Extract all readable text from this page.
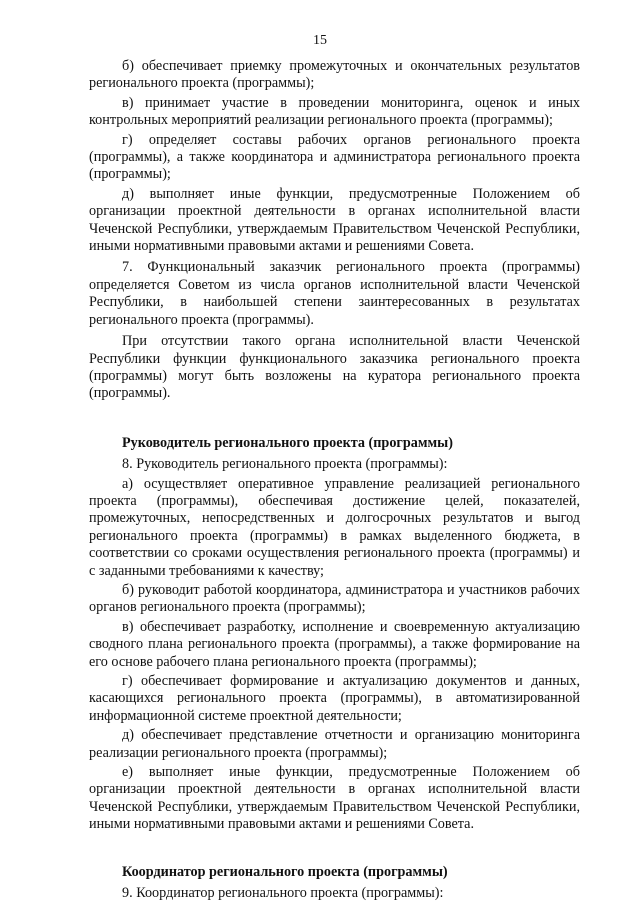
15

б) обеспечивает приемку промежуточных и окончательных результатов регионального проекта (программы);

в) принимает участие в проведении мониторинга, оценок и иных контрольных мероприятий реализации регионального проекта (программы);

г) определяет составы рабочих органов регионального проекта (программы), а также координатора и администратора регионального проекта (программы);

д) выполняет иные функции, предусмотренные Положением об организации проектной деятельности в органах исполнительной власти Чеченской Республики, утверждаемым Правительством Чеченской Республики, иными нормативными правовыми актами и решениями Совета.

7. Функциональный заказчик регионального проекта (программы) определяется Советом из числа органов исполнительной власти Чеченской Республики, в наибольшей степени заинтересованных в результатах регионального проекта (программы).

При отсутствии такого органа исполнительной власти Чеченской Республики функции функционального заказчика регионального проекта (программы) могут быть возложены на куратора регионального проекта (программы).

Руководитель регионального проекта (программы)

8. Руководитель регионального проекта (программы):

а) осуществляет оперативное управление реализацией регионального проекта (программы), обеспечивая достижение целей, показателей, промежуточных, непосредственных и долгосрочных результатов и выгод регионального проекта (программы) в рамках выделенного бюджета, в соответствии со сроками осуществления регионального проекта (программы) и с заданными требованиями к качеству;

б) руководит работой координатора, администратора и участников рабочих органов регионального проекта (программы);

в) обеспечивает разработку, исполнение и своевременную актуализацию сводного плана регионального проекта (программы), а также формирование на его основе рабочего плана регионального проекта (программы);

г) обеспечивает формирование и актуализацию документов и данных, касающихся регионального проекта (программы), в автоматизированной информационной системе проектной деятельности;

д) обеспечивает представление отчетности и организацию мониторинга реализации регионального проекта (программы);

е) выполняет иные функции, предусмотренные Положением об организации проектной деятельности в органах исполнительной власти Чеченской Республики, утверждаемым Правительством Чеченской Республики, иными нормативными правовыми актами и решениями Совета.

Координатор регионального проекта (программы)

9. Координатор регионального проекта (программы):
